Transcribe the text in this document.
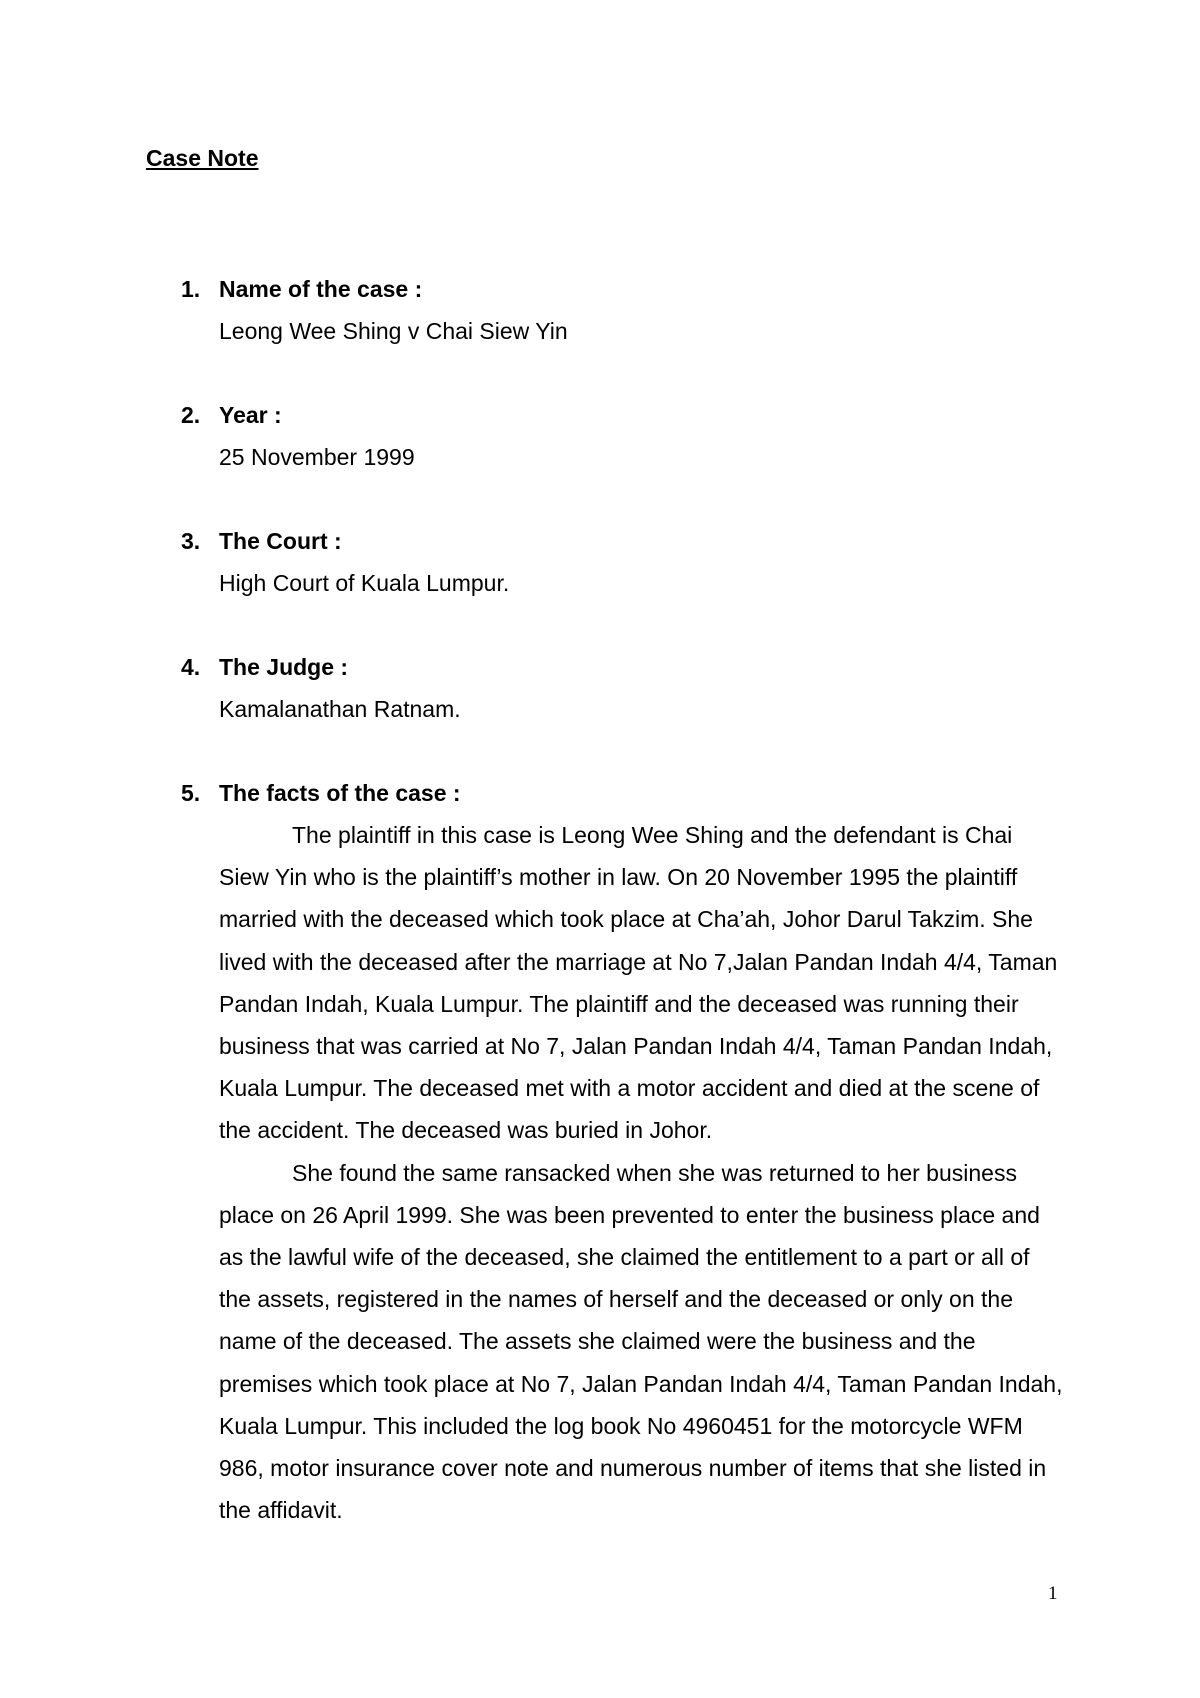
Case Note
1. Name of the case :

Leong Wee Shing v Chai Siew Yin

2. Year :

25 November 1999

3. The Court :

High Court of Kuala Lumpur.

4. The Judge :

Kamalanathan Ratnam.

5. The facts of the case :

The plaintiff in this case is Leong Wee Shing and the defendant is Chai Siew Yin who is the plaintiff’s mother in law. On 20 November 1995 the plaintiff married with the deceased which took place at Cha’ah, Johor Darul Takzim. She lived with the deceased after the marriage at No 7,Jalan Pandan Indah 4/4, Taman Pandan Indah, Kuala Lumpur. The plaintiff and the deceased was running their business that was carried at No 7, Jalan Pandan Indah 4/4, Taman Pandan Indah, Kuala Lumpur. The deceased met with a motor accident and died at the scene of the accident. The deceased was buried in Johor.

She found the same ransacked when she was returned to her business place on 26 April 1999. She was been prevented to enter the business place and as the lawful wife of the deceased, she claimed the entitlement to a part or all of the assets, registered in the names of herself and the deceased or only on the name of the deceased. The assets she claimed were the business and the premises which took place at No 7, Jalan Pandan Indah 4/4, Taman Pandan Indah, Kuala Lumpur. This included the log book No 4960451 for the motorcycle WFM 986, motor insurance cover note and numerous number of items that she listed in the affidavit.

1
